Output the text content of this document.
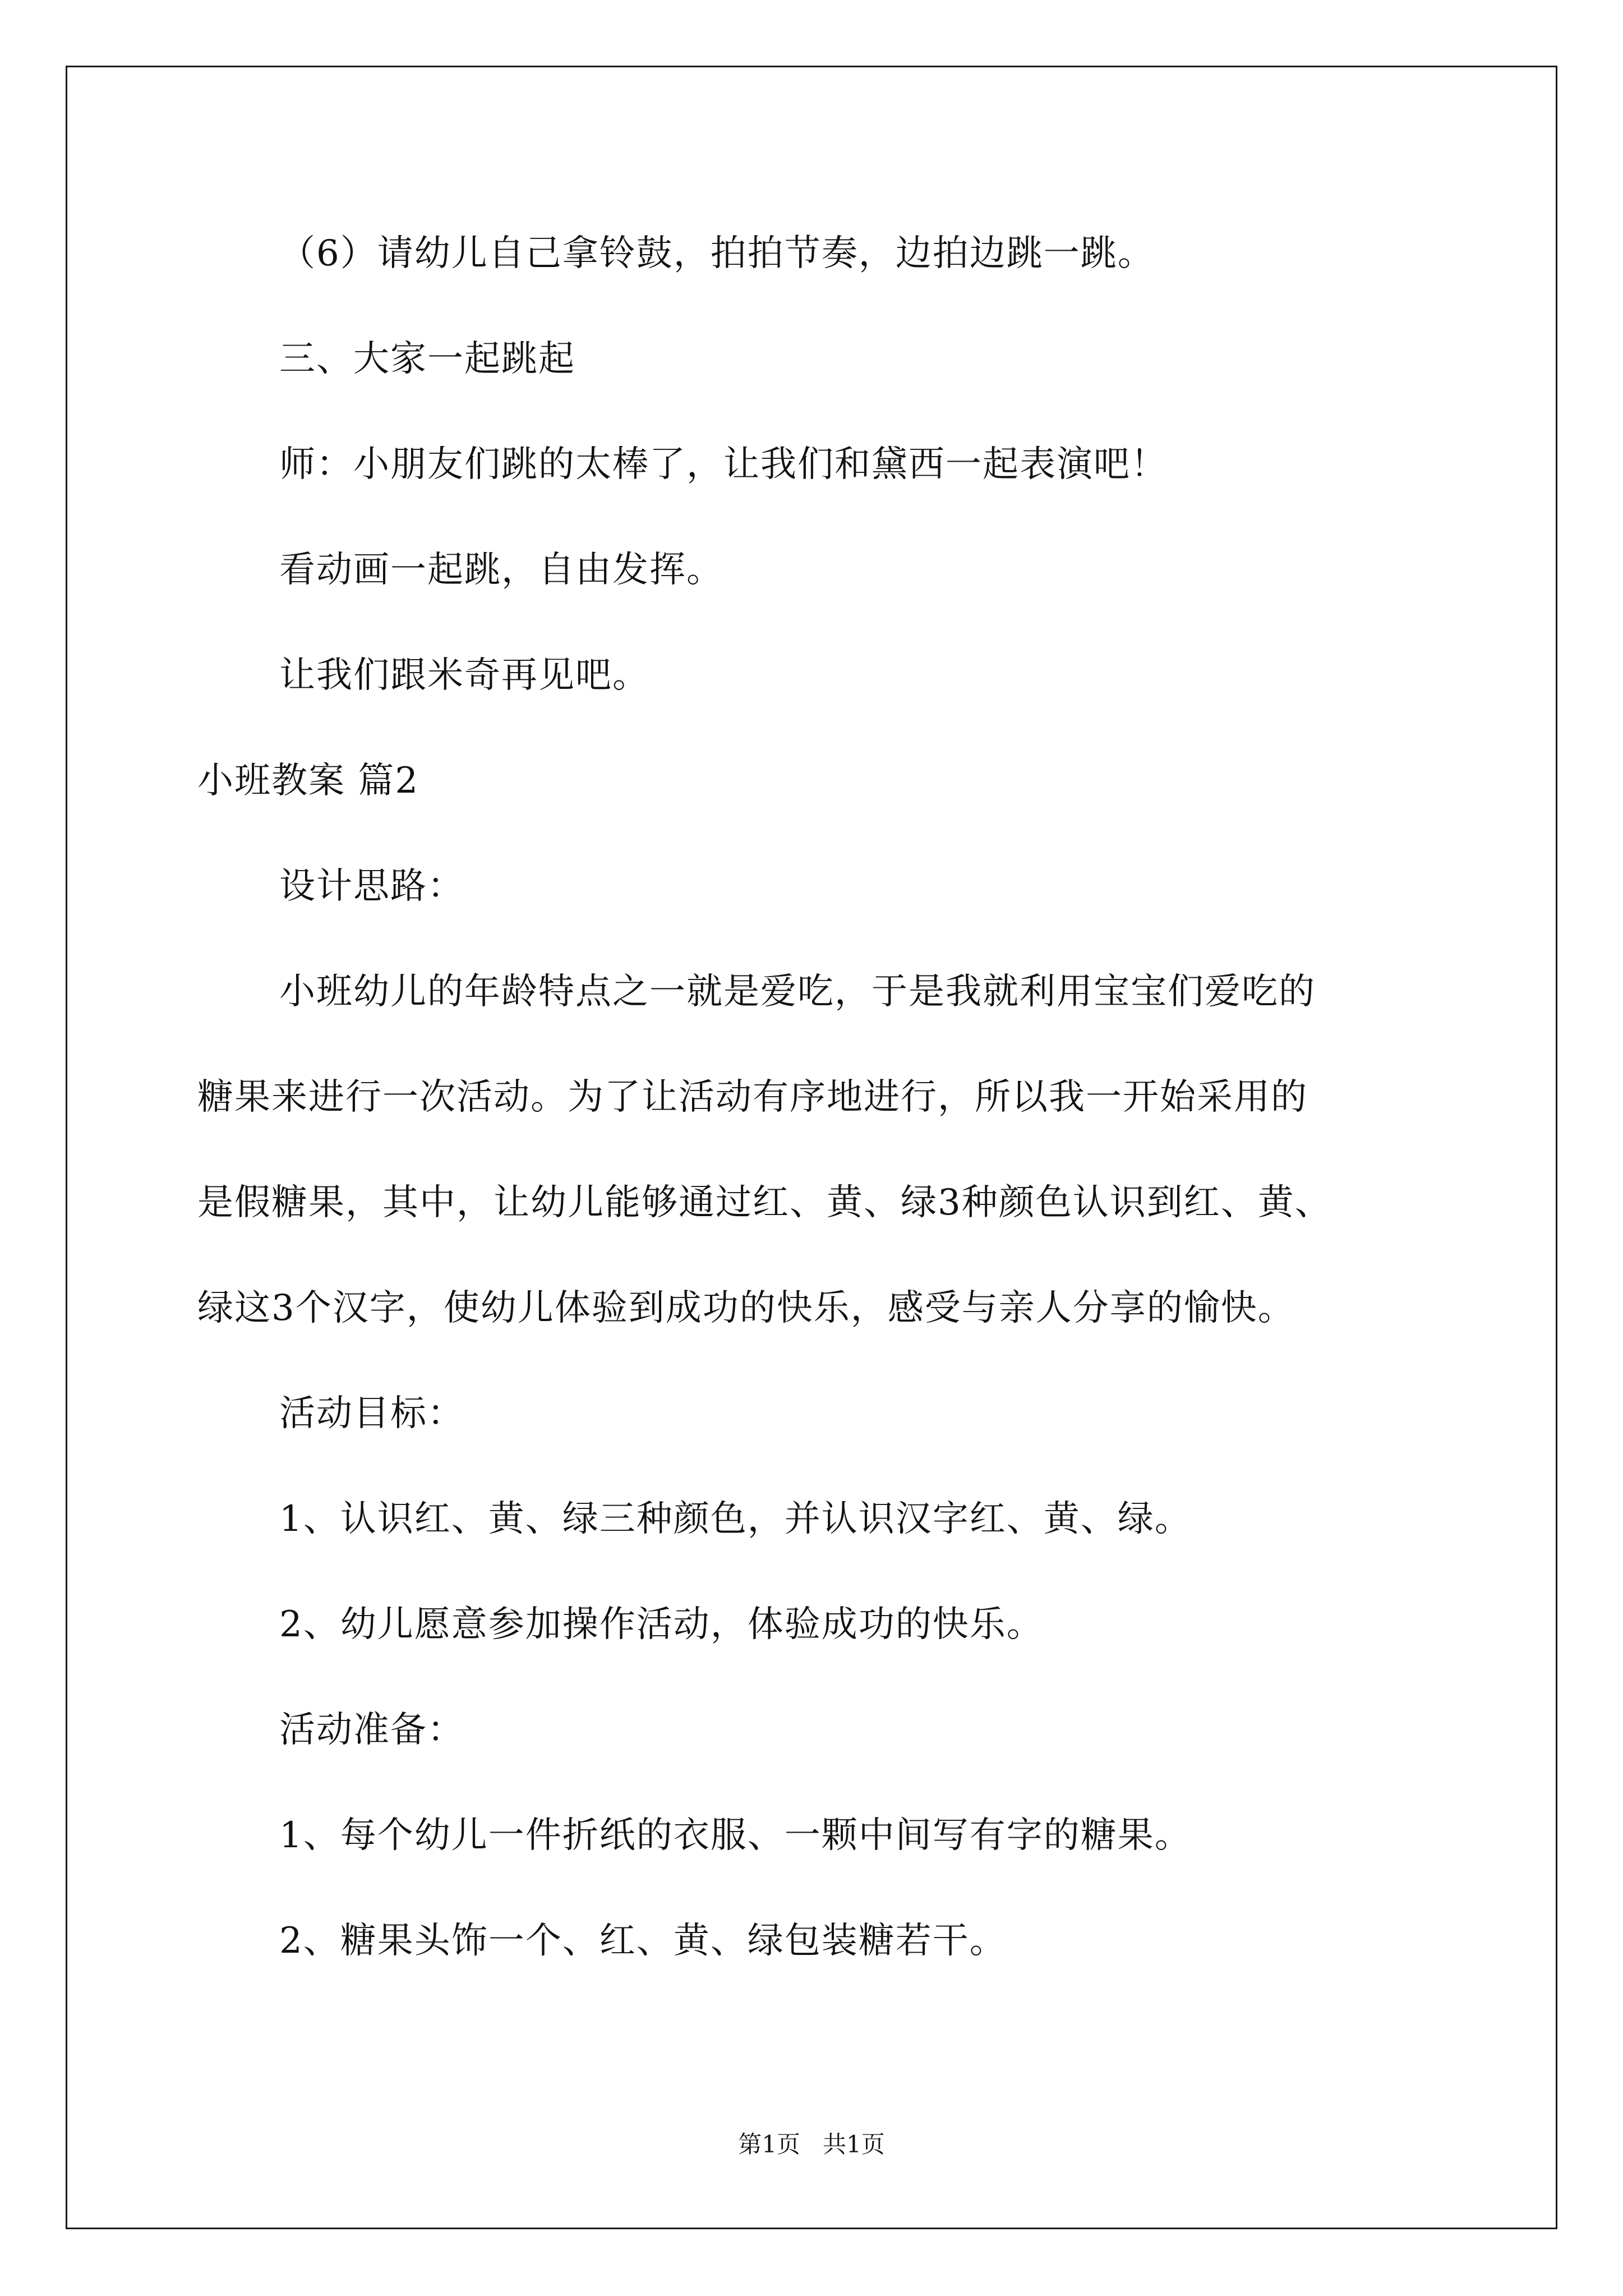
（6）请幼儿自己拿铃鼓，拍拍节奏，边拍边跳一跳。
三、大家一起跳起
师：小朋友们跳的太棒了，让我们和黛西一起表演吧！
看动画一起跳，自由发挥。
让我们跟米奇再见吧。
小班教案 篇2
设计思路：
小班幼儿的年龄特点之一就是爱吃，于是我就利用宝宝们爱吃的
糖果来进行一次活动。为了让活动有序地进行，所以我一开始采用的
是假糖果，其中，让幼儿能够通过红、黄、绿3种颜色认识到红、黄、
绿这3个汉字，使幼儿体验到成功的快乐，感受与亲人分享的愉快。
活动目标：
1、认识红、黄、绿三种颜色，并认识汉字红、黄、绿。
2、幼儿愿意参加操作活动，体验成功的快乐。
活动准备：
1、每个幼儿一件折纸的衣服、一颗中间写有字的糖果。
2、糖果头饰一个、红、黄、绿包装糖若干。
第1页   共1页
